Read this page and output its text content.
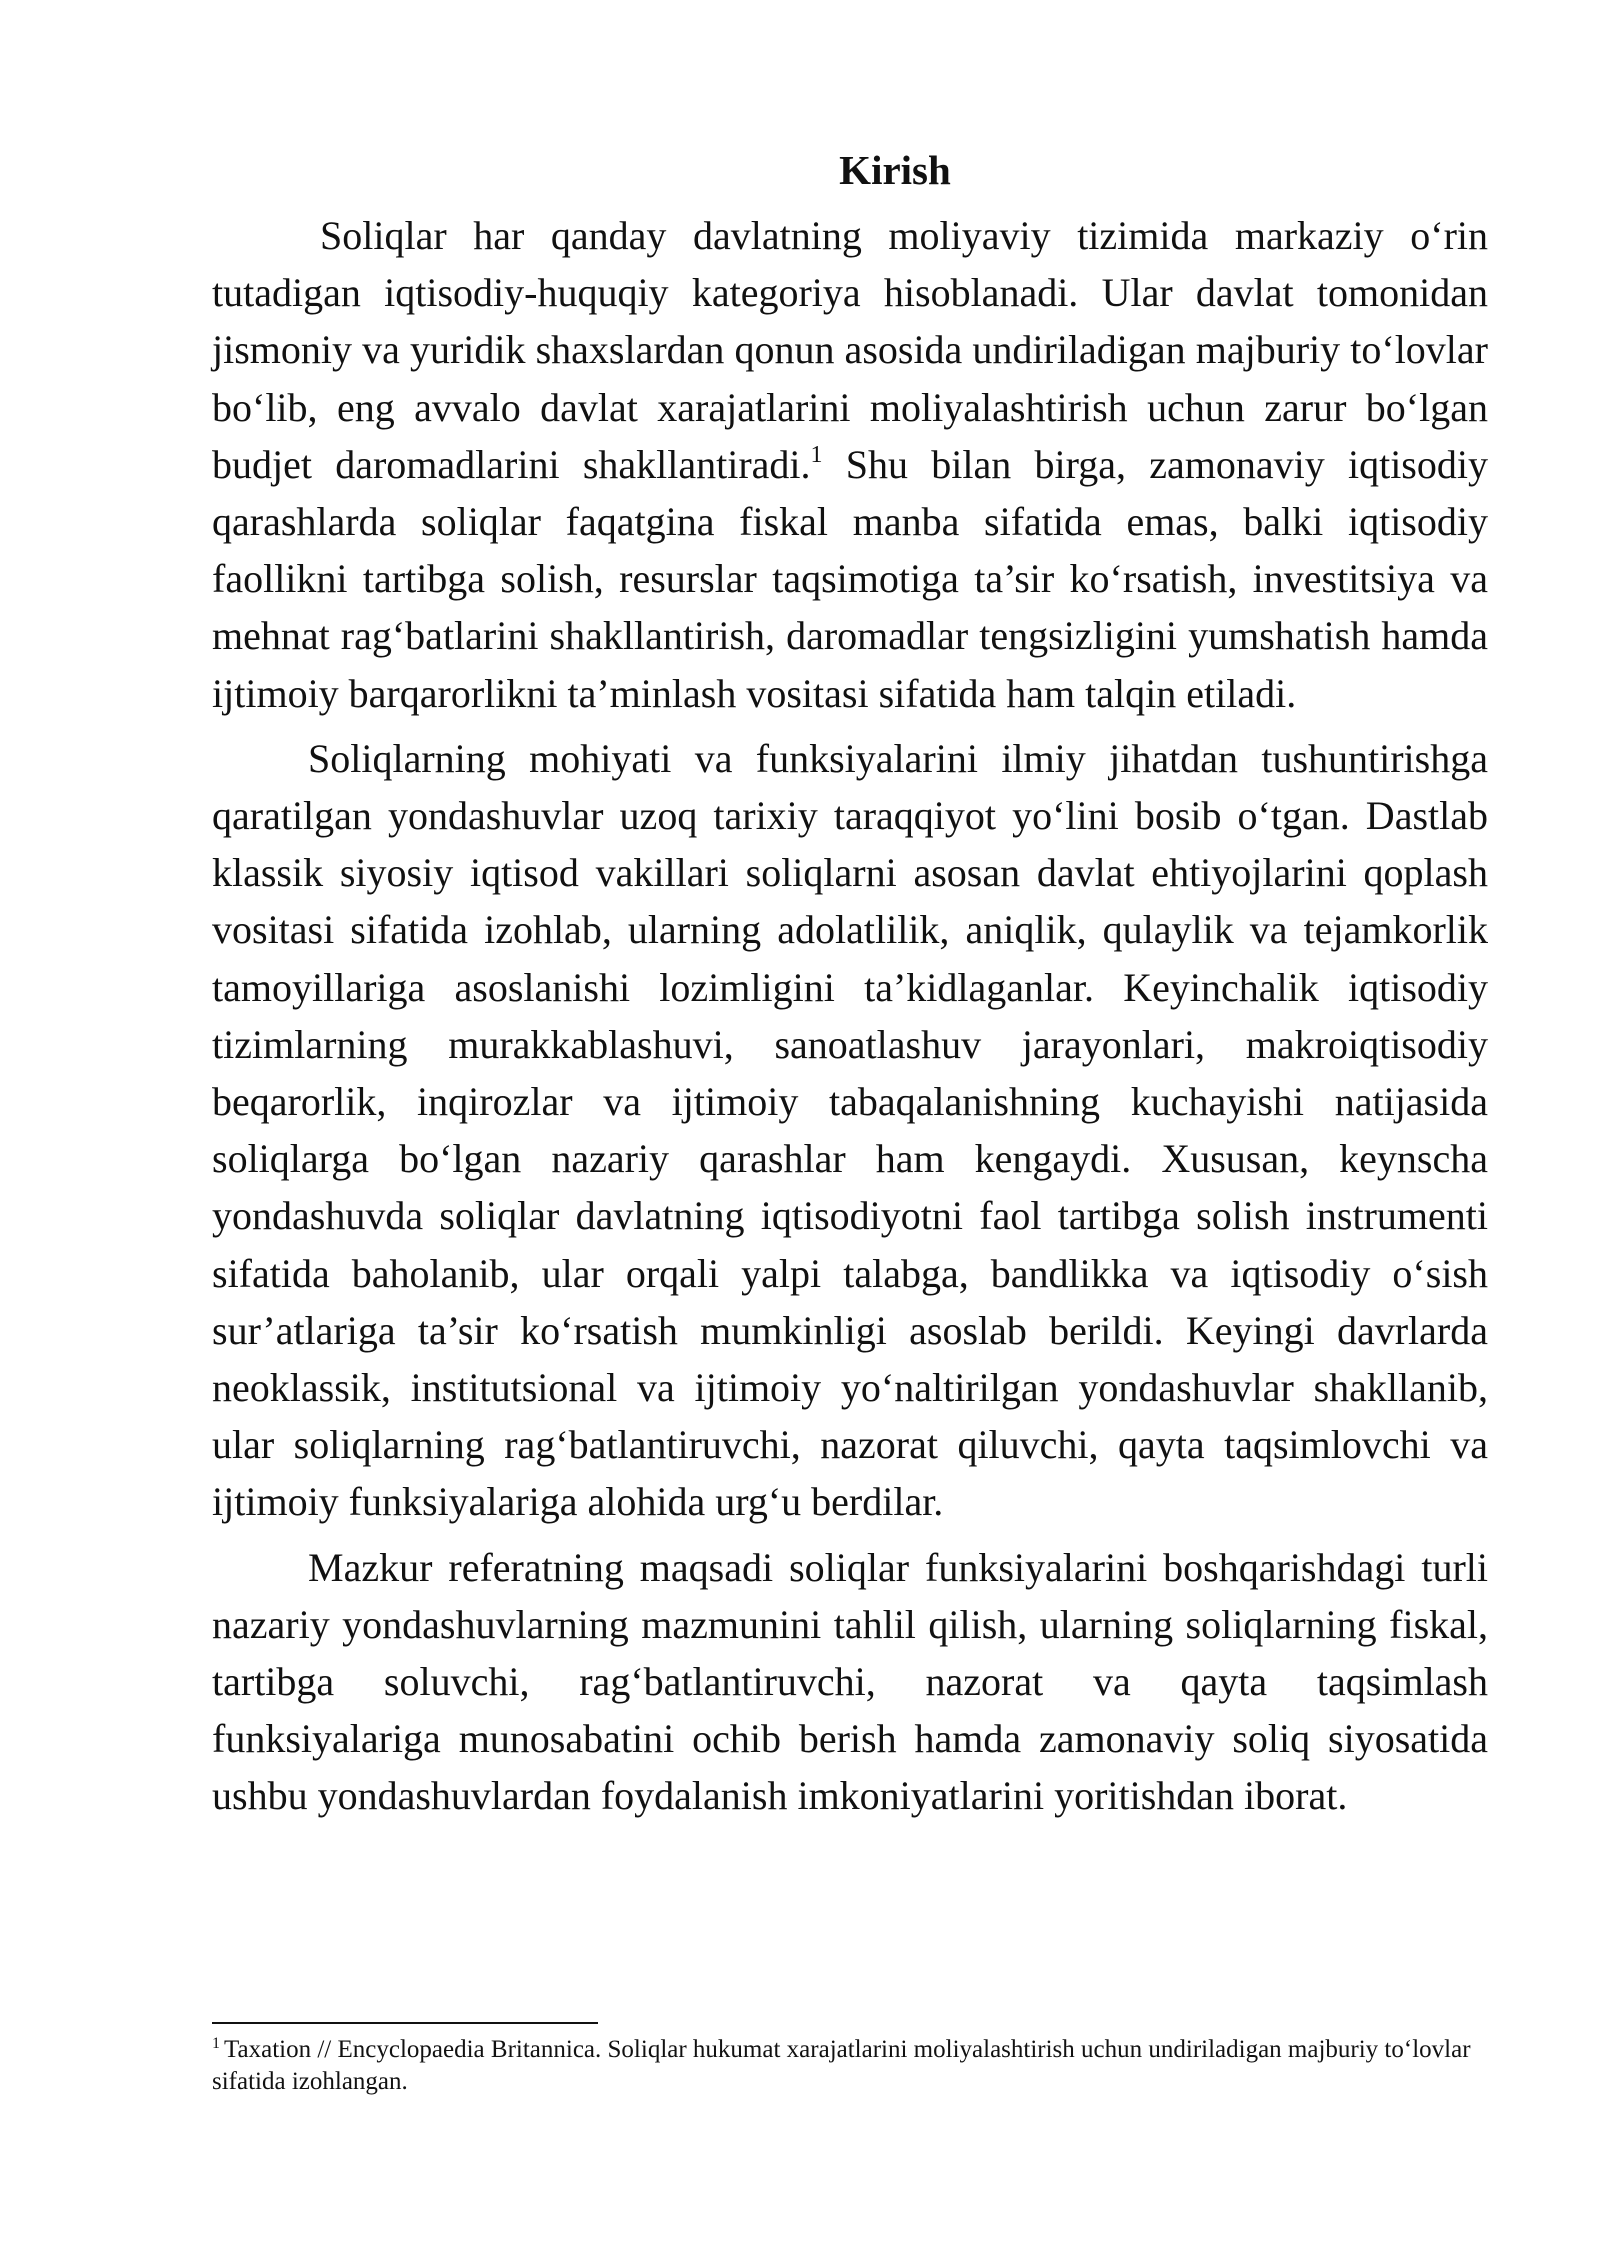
Kirish

Soliqlar har qanday davlatning moliyaviy tizimida markaziy o‘rin tutadigan iqtisodiy-huquqiy kategoriya hisoblanadi. Ular davlat tomonidan jismoniy va yuridik shaxslardan qonun asosida undiriladigan majburiy to‘lovlar bo‘lib, eng avvalo davlat xarajatlarini moliyalashtirish uchun zarur bo‘lgan budjet daromadlarini shakllantiradi.$^1$ Shu bilan birga, zamonaviy iqtisodiy qarashlarda soliqlar faqatgina fiskal manba sifatida emas, balki iqtisodiy faollikni tartibga solish, resurslar taqsimotiga ta’sir ko‘rsatish, investitsiya va mehnat rag‘batlarini shakllantirish, daromadlar tengsizligini yumshatish hamda ijtimoiy barqarorlikni ta’minlash vositasi sifatida ham talqin etiladi.

Soliqlarning mohiyati va funksiyalarini ilmiy jihatdan tushuntirishga qaratilgan yondashuvlar uzoq tarixiy taraqqiyot yo‘lini bosib o‘tgan. Dastlab klassik siyosiy iqtisod vakillari soliqlarni asosan davlat ehtiyojlarini qoplash vositasi sifatida izohlab, ularning adolatlilik, aniqlik, qulaylik va tejamkorlik tamoyillariga asoslanishi lozimligini ta’kidlaganlar. Keyinchalik iqtisodiy tizimlarning murakkablashuvi, sanoatlashuv jarayonlari, makroiqtisodiy beqarorlik, inqirozlar va ijtimoiy tabaqalanishning kuchayishi natijasida soliqlarga bo‘lgan nazariy qarashlar ham kengaydi. Xususan, keynscha yondashuvda soliqlar davlatning iqtisodiyotni faol tartibga solish instrumenti sifatida baholanib, ular orqali yalpi talabga, bandlikka va iqtisodiy o‘sish sur’atlariga ta’sir ko‘rsatish mumkinligi asoslab berildi. Keyingi davrlarda neoklassik, institutsional va ijtimoiy yo‘naltirilgan yondashuvlar shakllanib, ular soliqlarning rag‘batlantiruvchi, nazorat qiluvchi, qayta taqsimlovchi va ijtimoiy funksiyalariga alohida urg‘u berdilar.

Mazkur referatning maqsadi soliqlar funksiyalarini boshqarishdagi turli nazariy yondashuvlarning mazmunini tahlil qilish, ularning soliqlarning fiskal, tartibga soluvchi, rag‘batlantiruvchi, nazorat va qayta taqsimlash funksiyalariga munosabatini ochib berish hamda zamonaviy soliq siyosatida ushbu yondashuvlardan foydalanish imkoniyatlarini yoritishdan iborat.

$^1$ Taxation // Encyclopaedia Britannica. Soliqlar hukumat xarajatlarini moliyalashtirish uchun undiriladigan majburiy to‘lovlar sifatida izohlangan.
